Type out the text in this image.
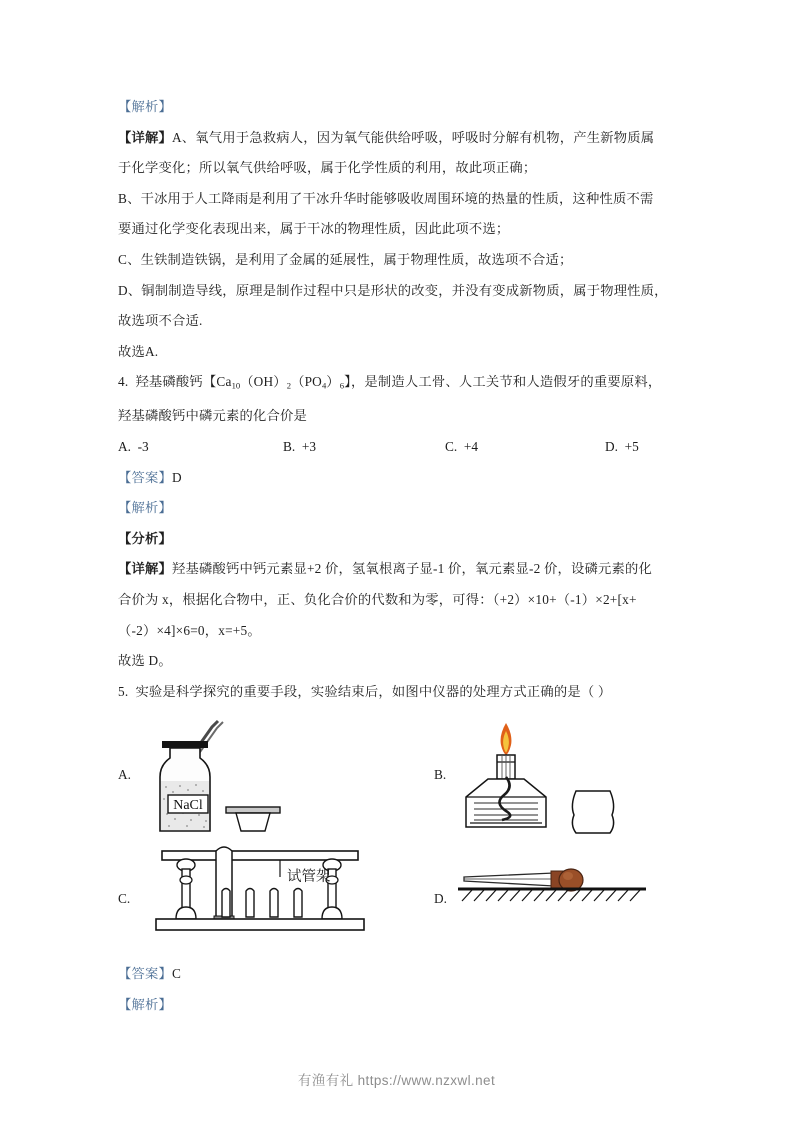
【解析】
【详解】A、氧气用于急救病人，因为氧气能供给呼吸，呼吸时分解有机物，产生新物质属
于化学变化；所以氧气供给呼吸，属于化学性质的利用，故此项正确；
B、干冰用于人工降雨是利用了干冰升华时能够吸收周围环境的热量的性质，这种性质不需
要通过化学变化表现出来，属于干冰的物理性质，因此此项不选；
C、生铁制造铁锅，是利用了金属的延展性，属于物理性质，故选项不合适；
D、铜制制造导线，原理是制作过程中只是形状的改变，并没有变成新物质，属于物理性质，
故选项不合适.
故选A.
4. 羟基磷酸钙【$Ca_{10}(OH)_2(PO_4)_6$】，是制造人工骨、人工关节和人造假牙的重要原料，
羟基磷酸钙中磷元素的化合价是
A. -3	B. +3	C. +4	D. +5
【答案】D
【解析】
【分析】
【详解】羟基磷酸钙中钙元素显+2 价，氢氧根离子显-1 价，氧元素显-2 价，设磷元素的化
合价为 x，根据化合物中，正、负化合价的代数和为零，可得：（+2）×10+（-1）×2+[x+
（-2）×4]×6=0，x=+5。
故选 D。
5. 实验是科学探究的重要手段，实验结束后，如图中仪器的处理方式正确的是（ ）
A.
NaCl
B.
C.
试管架
D.
【答案】C
【解析】
有渔有礼 https://www.nzxwl.net
